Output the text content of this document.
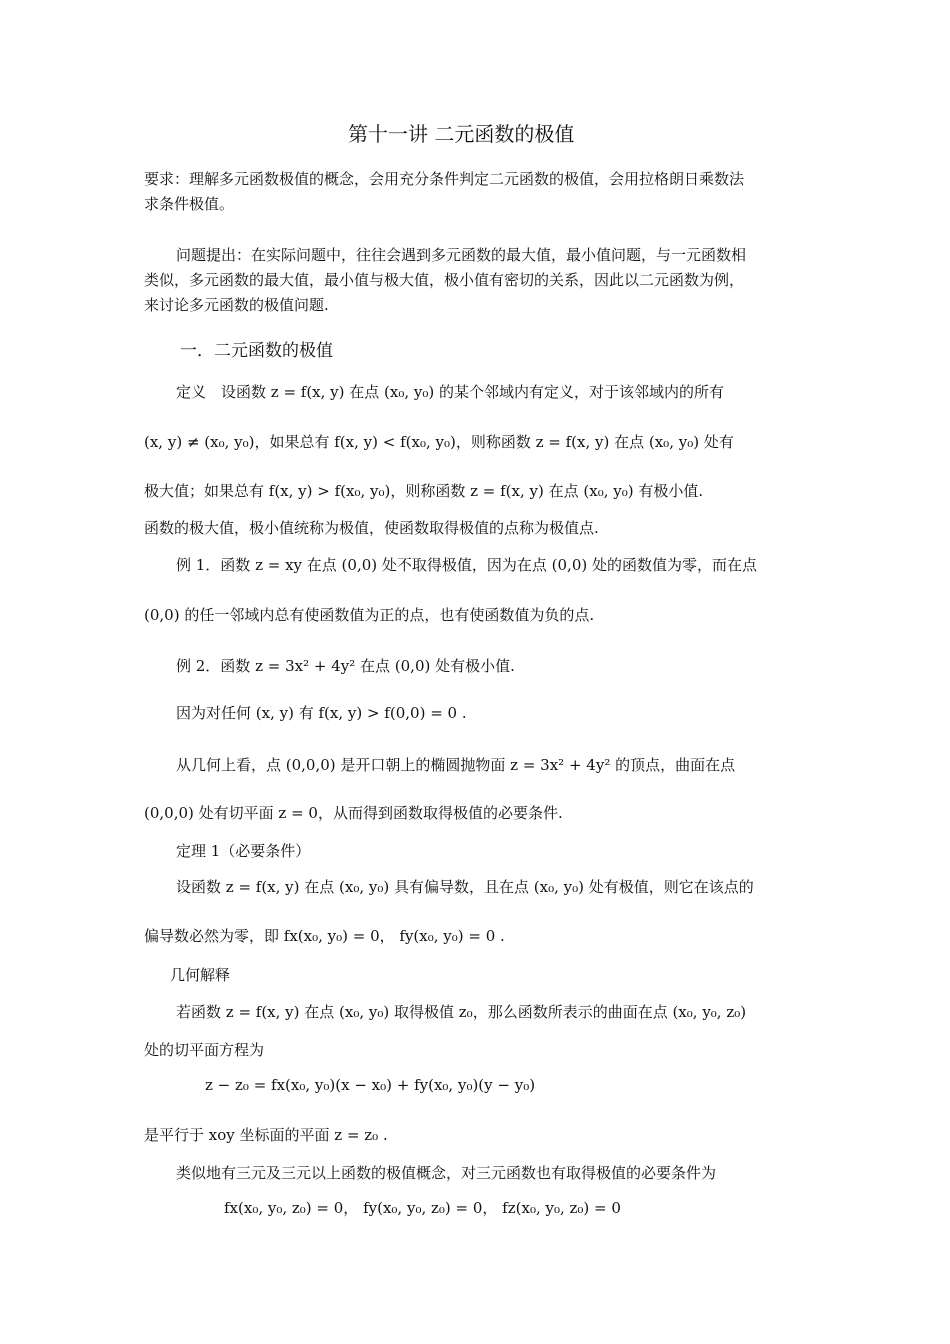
第十一讲 二元函数的极值
要求：理解多元函数极值的概念，会用充分条件判定二元函数的极值，会用拉格朗日乘数法
求条件极值。
问题提出：在实际问题中，往往会遇到多元函数的最大值，最小值问题，与一元函数相
类似，多元函数的最大值，最小值与极大值，极小值有密切的关系，因此以二元函数为例，
来讨论多元函数的极值问题.
一．二元函数的极值
定义　设函数 z = f(x, y) 在点 (x₀, y₀) 的某个邻域内有定义，对于该邻域内的所有
(x, y) ≠ (x₀, y₀)，如果总有 f(x, y) < f(x₀, y₀)，则称函数 z = f(x, y) 在点 (x₀, y₀) 处有
极大值；如果总有 f(x, y) > f(x₀, y₀)，则称函数 z = f(x, y) 在点 (x₀, y₀) 有极小值.
函数的极大值，极小值统称为极值，使函数取得极值的点称为极值点.
例 1．函数 z = xy 在点 (0,0) 处不取得极值，因为在点 (0,0) 处的函数值为零，而在点
(0,0) 的任一邻域内总有使函数值为正的点，也有使函数值为负的点.
例 2．函数 z = 3x² + 4y² 在点 (0,0) 处有极小值.
因为对任何 (x, y) 有 f(x, y) > f(0,0) = 0 .
从几何上看，点 (0,0,0) 是开口朝上的椭圆抛物面 z = 3x² + 4y² 的顶点，曲面在点
(0,0,0) 处有切平面 z = 0，从而得到函数取得极值的必要条件.
定理 1（必要条件）
设函数 z = f(x, y) 在点 (x₀, y₀) 具有偏导数，且在点 (x₀, y₀) 处有极值，则它在该点的
偏导数必然为零，即 fx(x₀, y₀) = 0， fy(x₀, y₀) = 0 .
几何解释
若函数 z = f(x, y) 在点 (x₀, y₀) 取得极值 z₀，那么函数所表示的曲面在点 (x₀, y₀, z₀)
处的切平面方程为
z − z₀ = fx(x₀, y₀)(x − x₀) + fy(x₀, y₀)(y − y₀)
是平行于 xoy 坐标面的平面 z = z₀ .
类似地有三元及三元以上函数的极值概念，对三元函数也有取得极值的必要条件为
fx(x₀, y₀, z₀) = 0， fy(x₀, y₀, z₀) = 0， fz(x₀, y₀, z₀) = 0
